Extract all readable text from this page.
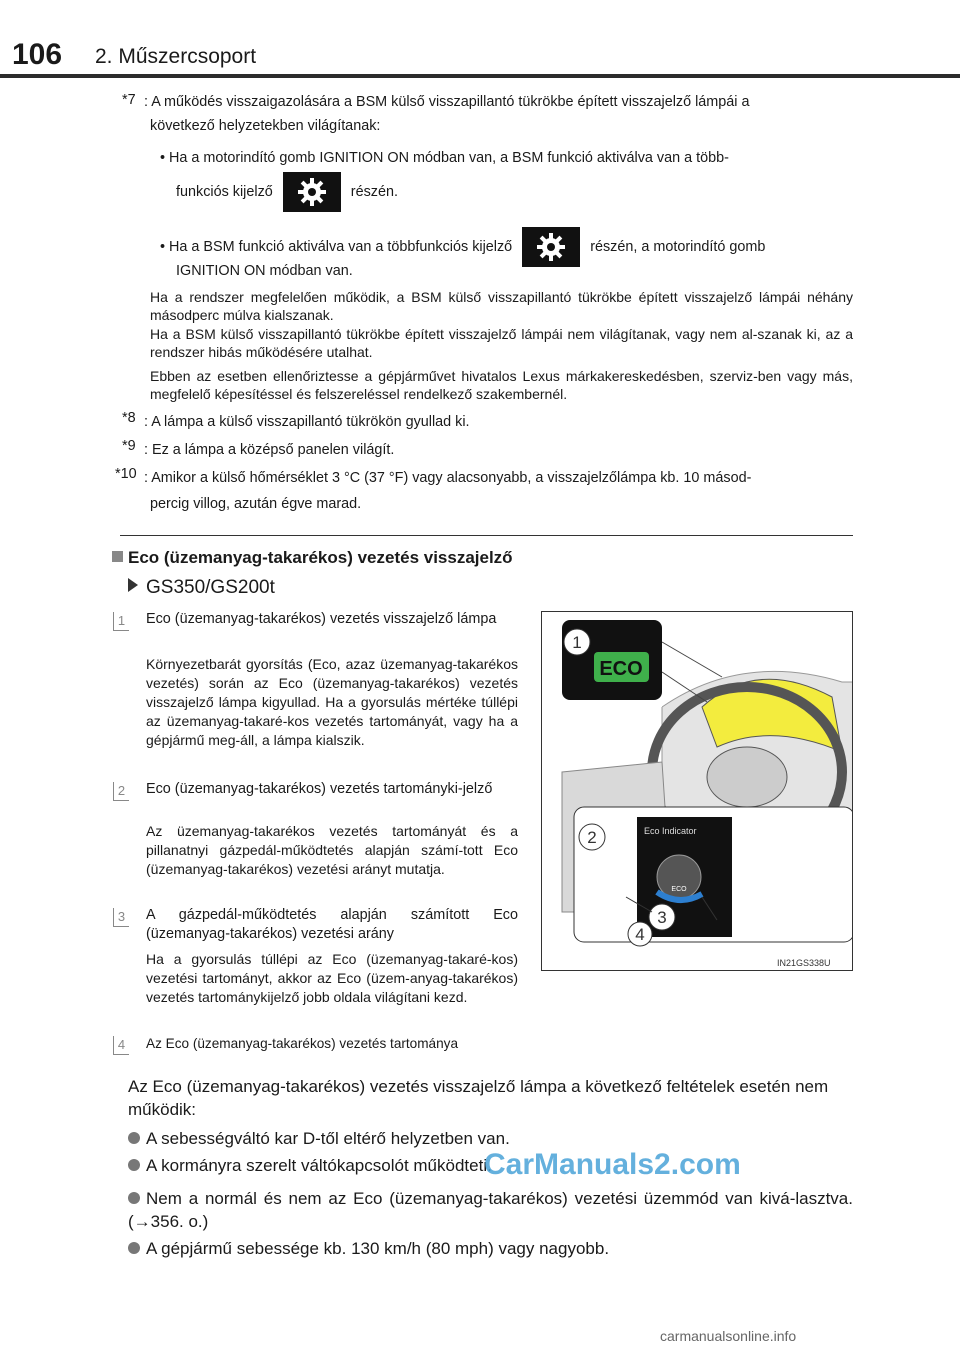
106 2. Műszercsoport
*7 : A működés visszaigazolására a BSM külső visszapillantó tükrökbe épített visszajelző lámpái a
következő helyzetekben világítanak:
• Ha a motorindító gomb IGNITION ON módban van, a BSM funkció aktiválva van a több-
funkciós kijelző	részén.
• Ha a BSM funkció aktiválva van a többfunkciós kijelző	részén, a motorindító gomb
IGNITION ON módban van.
Ha a rendszer megfelelően működik, a BSM külső visszapillantó tükrökbe épített visszajelző lámpái néhány másodperc múlva kialszanak.
Ha a BSM külső visszapillantó tükrökbe épített visszajelző lámpái nem világítanak, vagy nem al-szanak ki, az a rendszer hibás működésére utalhat.
Ebben az esetben ellenőriztesse a gépjárművet hivatalos Lexus márkakereskedésben, szerviz-ben vagy más, megfelelő képesítéssel és felszereléssel rendelkező szakembernél.
*8 : A lámpa a külső visszapillantó tükrökön gyullad ki.
*9 : Ez a lámpa a középső panelen világít.
*10 : Amikor a külső hőmérséklet 3 °C (37 °F) vagy alacsonyabb, a visszajelzőlámpa kb. 10 másod-
percig villog, azután égve marad.
Eco (üzemanyag-takarékos) vezetés visszajelző
GS350/GS200t
1 Eco (üzemanyag-takarékos) vezetés visszajelző lámpa
Környezetbarát gyorsítás (Eco, azaz üzemanyag-takarékos vezetés) során az Eco (üzemanyag-takarékos) vezetés visszajelző lámpa kigyullad. Ha a gyorsulás mértéke túllépi az üzemanyag-takaré-kos vezetés tartományát, vagy ha a gépjármű meg-áll, a lámpa kialszik.
2 Eco (üzemanyag-takarékos) vezetés tartományki-jelző
Az üzemanyag-takarékos vezetés tartományát és a pillanatnyi gázpedál-működtetés alapján számí-tott Eco (üzemanyag-takarékos) vezetési arányt mutatja.
3 A gázpedál-működtetés alapján számított Eco (üzemanyag-takarékos) vezetési arány
Ha a gyorsulás túllépi az Eco (üzemanyag-takaré-kos) vezetési tartományt, akkor az Eco (üzem-anyag-takarékos) vezetés tartománykijelző jobb oldala világítani kezd.
4 Az Eco (üzemanyag-takarékos) vezetés tartománya
ECO
1
Eco Indicator
ECO
2
3
4
IN21GS338U
Az Eco (üzemanyag-takarékos) vezetés visszajelző lámpa a következő feltételek esetén nem működik:
A sebességváltó kar D-től eltérő helyzetben van.
A kormányra szerelt váltókapcsolót működteti.
Nem a normál és nem az Eco (üzemanyag-takarékos) vezetési üzemmód van kivá-lasztva. (→356. o.)
A gépjármű sebessége kb. 130 km/h (80 mph) vagy nagyobb.
CarManuals2.com
carmanualsonline.info
